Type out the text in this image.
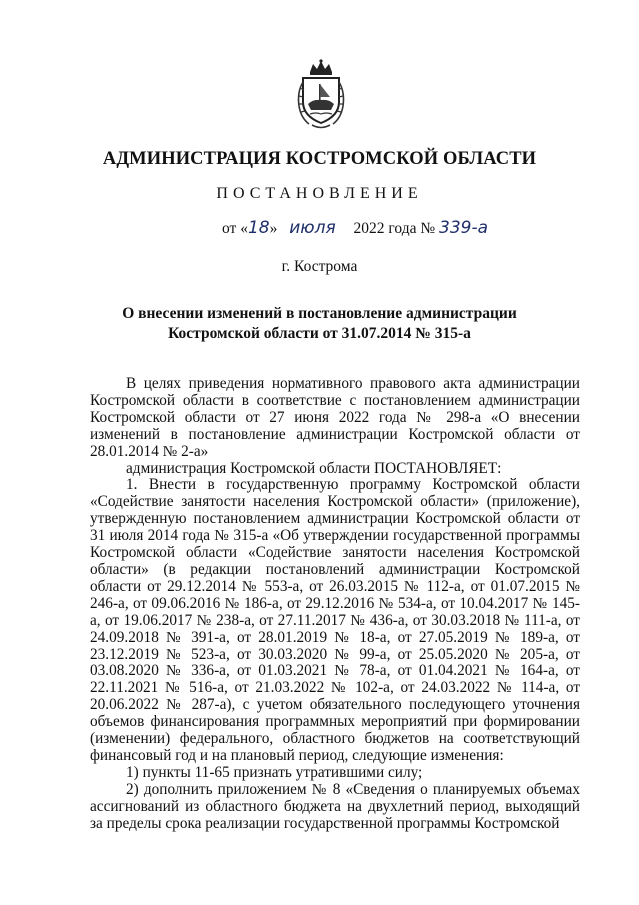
АДМИНИСТРАЦИЯ КОСТРОМСКОЙ ОБЛАСТИ
ПОСТАНОВЛЕНИЕ
от «18» июля 2022 года № 339-а
г. Кострома
О внесении изменений в постановление администрации
Костромской области от 31.07.2014 № 315-а

В целях приведения нормативного правового акта администрации Костромской области в соответствие с постановлением администрации Костромской области от 27 июня 2022 года № 298-а «О внесении изменений в постановление администрации Костромской области от 28.01.2014 № 2-а»

администрация Костромской области ПОСТАНОВЛЯЕТ:

1. Внести в государственную программу Костромской области «Содействие занятости населения Костромской области» (приложение), утвержденную постановлением администрации Костромской области от 31 июля 2014 года № 315-а «Об утверждении государственной программы Костромской области «Содействие занятости населения Костромской области» (в редакции постановлений администрации Костромской области от 29.12.2014 № 553-а, от 26.03.2015 № 112-а, от 01.07.2015 № 246-а, от 09.06.2016 № 186-а, от 29.12.2016 № 534-а, от 10.04.2017 № 145-а, от 19.06.2017 № 238-а, от 27.11.2017 № 436-а, от 30.03.2018 № 111-а, от 24.09.2018 № 391-а, от 28.01.2019 № 18-а, от 27.05.2019 № 189-а, от 23.12.2019 № 523-а, от 30.03.2020 № 99-а, от 25.05.2020 № 205-а, от 03.08.2020 № 336-а, от 01.03.2021 № 78-а, от 01.04.2021 № 164-а, от 22.11.2021 № 516-а, от 21.03.2022 № 102-а, от 24.03.2022 № 114-а, от 20.06.2022 № 287-а), с учетом обязательного последующего уточнения объемов финансирования программных мероприятий при формировании (изменении) федерального, областного бюджетов на соответствующий финансовый год и на плановый период, следующие изменения:

1) пункты 11-65 признать утратившими силу;

2) дополнить приложением № 8 «Сведения о планируемых объемах ассигнований из областного бюджета на двухлетний период, выходящий за пределы срока реализации государственной программы Костромской
